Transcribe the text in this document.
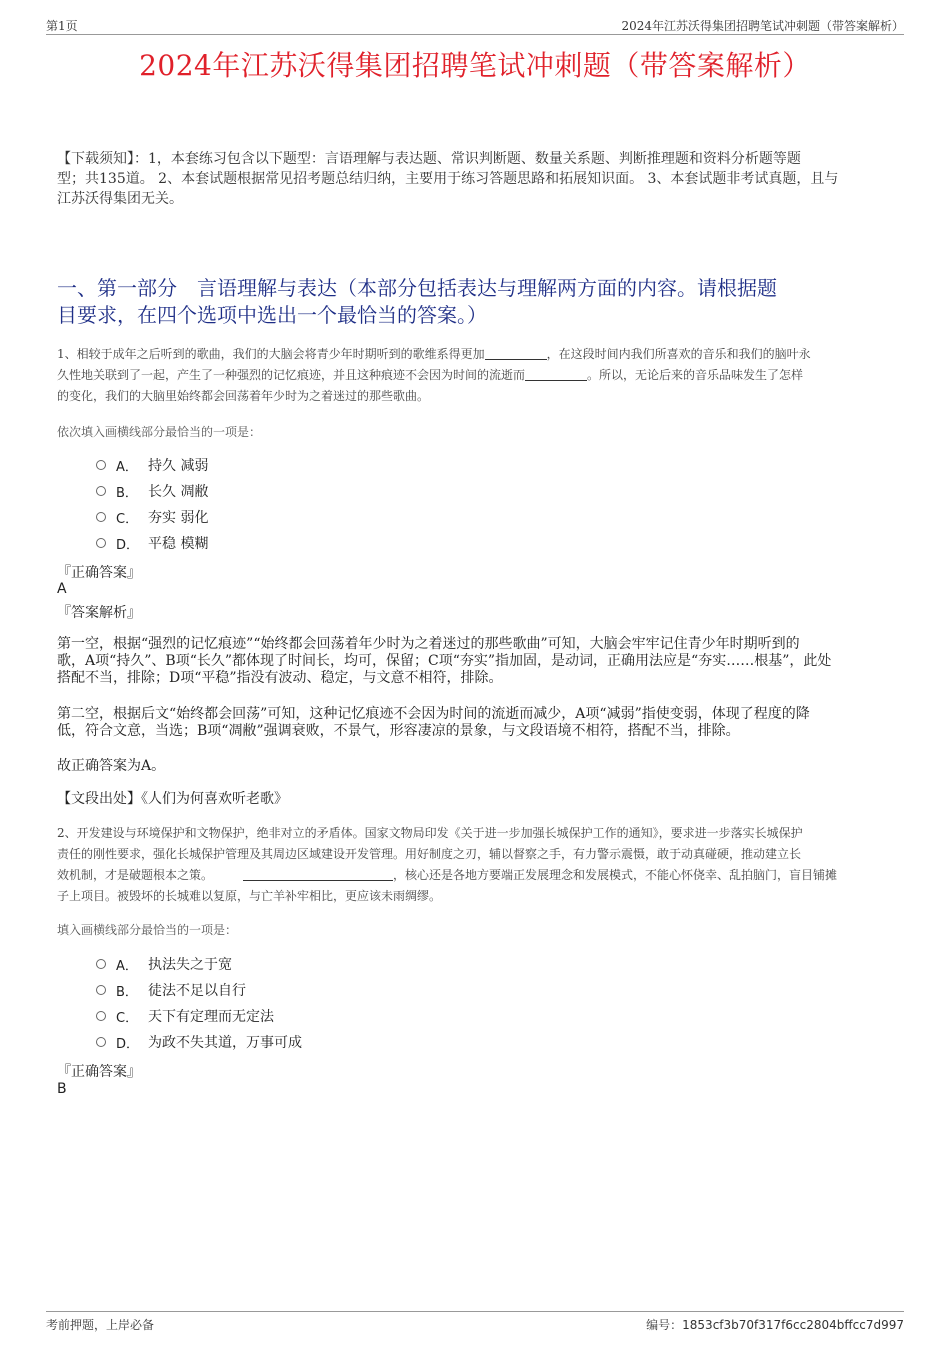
第1页	2024年江苏沃得集团招聘笔试冲刺题（带答案解析）
2024年江苏沃得集团招聘笔试冲刺题（带答案解析）
【下载须知】：1，本套练习包含以下题型：言语理解与表达题、常识判断题、数量关系题、判断推理题和资料分析题等题
型；共135道。 2、本套试题根据常见招考题总结归纳，主要用于练习答题思路和拓展知识面。 3、本套试题非考试真题，且与
江苏沃得集团无关。
一、第一部分　言语理解与表达（本部分包括表达与理解两方面的内容。请根据题
目要求，在四个选项中选出一个最恰当的答案。）
1、相较于成年之后听到的歌曲，我们的大脑会将青少年时期听到的歌维系得更加	，在这段时间内我们所喜欢的音乐和我们的脑叶永
久性地关联到了一起，产生了一种强烈的记忆痕迹，并且这种痕迹不会因为时间的流逝而	。所以，无论后来的音乐品味发生了怎样
的变化，我们的大脑里始终都会回荡着年少时为之着迷过的那些歌曲。
依次填入画横线部分最恰当的一项是：
A． 持久 减弱
B． 长久 凋敝
C． 夯实 弱化
D． 平稳 模糊
『正确答案』
A
『答案解析』
第一空，根据“强烈的记忆痕迹”“始终都会回荡着年少时为之着迷过的那些歌曲”可知，大脑会牢牢记住青少年时期听到的
歌，A项“持久”、B项“长久”都体现了时间长，均可，保留；C项“夯实”指加固，是动词，正确用法应是“夯实……根基”，此处
搭配不当，排除；D项“平稳”指没有波动、稳定，与文意不相符，排除。
第二空，根据后文“始终都会回荡”可知，这种记忆痕迹不会因为时间的流逝而减少，A项“减弱”指使变弱，体现了程度的降
低，符合文意，当选；B项“凋敝”强调衰败，不景气，形容凄凉的景象，与文段语境不相符，搭配不当，排除。
故正确答案为A。
【文段出处】《人们为何喜欢听老歌》
2、开发建设与环境保护和文物保护，绝非对立的矛盾体。国家文物局印发《关于进一步加强长城保护工作的通知》，要求进一步落实长城保护
责任的刚性要求，强化长城保护管理及其周边区域建设开发管理。用好制度之刃，辅以督察之手，有力警示震慑，敢于动真碰硬，推动建立长
效机制，才是破题根本之策。	，核心还是各地方要端正发展理念和发展模式，不能心怀侥幸、乱拍脑门，盲目铺摊
子上项目。被毁坏的长城难以复原，与亡羊补牢相比，更应该未雨绸缪。
填入画横线部分最恰当的一项是：
A． 执法失之于宽
B． 徒法不足以自行
C． 天下有定理而无定法
D． 为政不失其道，万事可成
『正确答案』
B
考前押题，上岸必备	编号：1853cf3b70f317f6cc2804bffcc7d997
